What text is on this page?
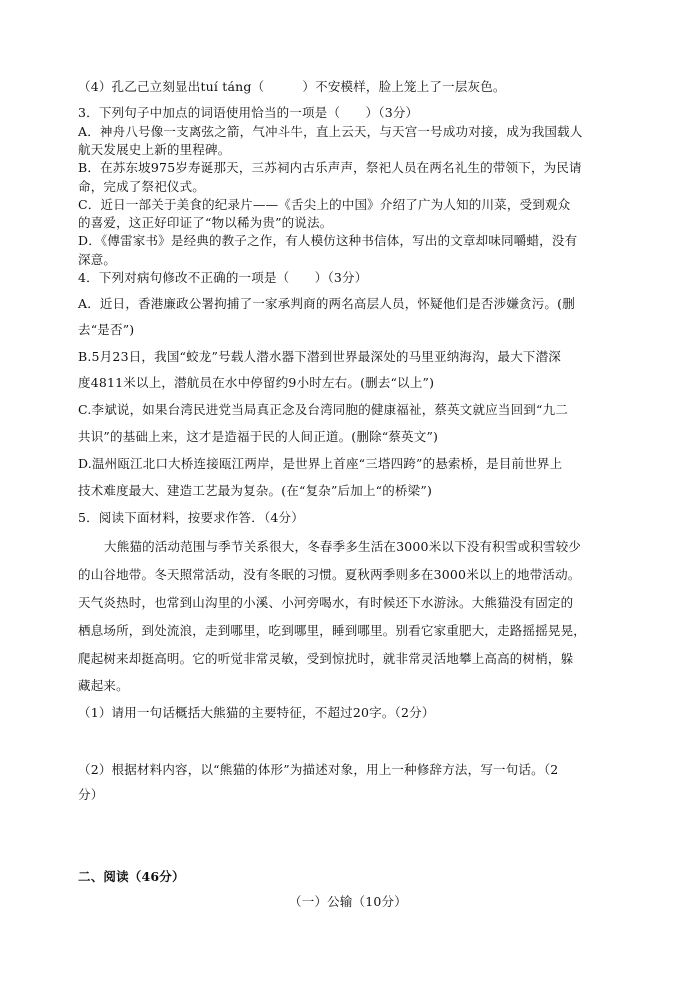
（4）孔乙己立刻显出tuí táng（　　　）不安模样，脸上笼上了一层灰色。

3．下列句子中加点的词语使用恰当的一项是（　　）（3分）

A．神舟八号像一支离弦之箭，气冲斗牛，直上云天，与天宫一号成功对接，成为我国载人

航天发展史上新的里程碑。

B．在苏东坡975岁寿诞那天，三苏祠内古乐声声，祭祀人员在两名礼生的带领下，为民请

命，完成了祭祀仪式。

C．近日一部关于美食的纪录片——《舌尖上的中国》介绍了广为人知的川菜，受到观众

的喜爱，这正好印证了“物以稀为贵”的说法。

D．《傅雷家书》是经典的教子之作，有人模仿这种书信体，写出的文章却味同嚼蜡，没有

深意。

4．下列对病句修改不正确的一项是（　　）（3分）

A．近日，香港廉政公署拘捕了一家承判商的两名高层人员，怀疑他们是否涉嫌贪污。(删

去“是否”)

B.5月23日，我国“蛟龙”号载人潜水器下潜到世界最深处的马里亚纳海沟，最大下潜深

度4811米以上，潜航员在水中停留约9小时左右。(删去“以上”)

C.李斌说，如果台湾民进党当局真正念及台湾同胞的健康福祉，蔡英文就应当回到“九二

共识”的基础上来，这才是造福于民的人间正道。(删除“蔡英文”)

D.温州瓯江北口大桥连接瓯江两岸，是世界上首座“三塔四跨”的悬索桥，是目前世界上

技术难度最大、建造工艺最为复杂。(在“复杂”后加上“的桥梁”)

5．阅读下面材料，按要求作答．（4分）

大熊猫的活动范围与季节关系很大，冬春季多生活在3000米以下没有积雪或积雪较少

的山谷地带。冬天照常活动，没有冬眠的习惯。夏秋两季则多在3000米以上的地带活动。

天气炎热时，也常到山沟里的小溪、小河旁喝水，有时候还下水游泳。大熊猫没有固定的

栖息场所，到处流浪，走到哪里，吃到哪里，睡到哪里。别看它家重肥大，走路摇摇晃晃，

爬起树来却挺高明。它的听觉非常灵敏，受到惊扰时，就非常灵活地攀上高高的树梢，躲

藏起来。

（1）请用一句话概括大熊猫的主要特征，不超过20字。（2分）

（2）根据材料内容，以“熊猫的体形”为描述对象，用上一种修辞方法，写一句话。（2

分）

二、阅读（46分）

（一）公输（10分）
